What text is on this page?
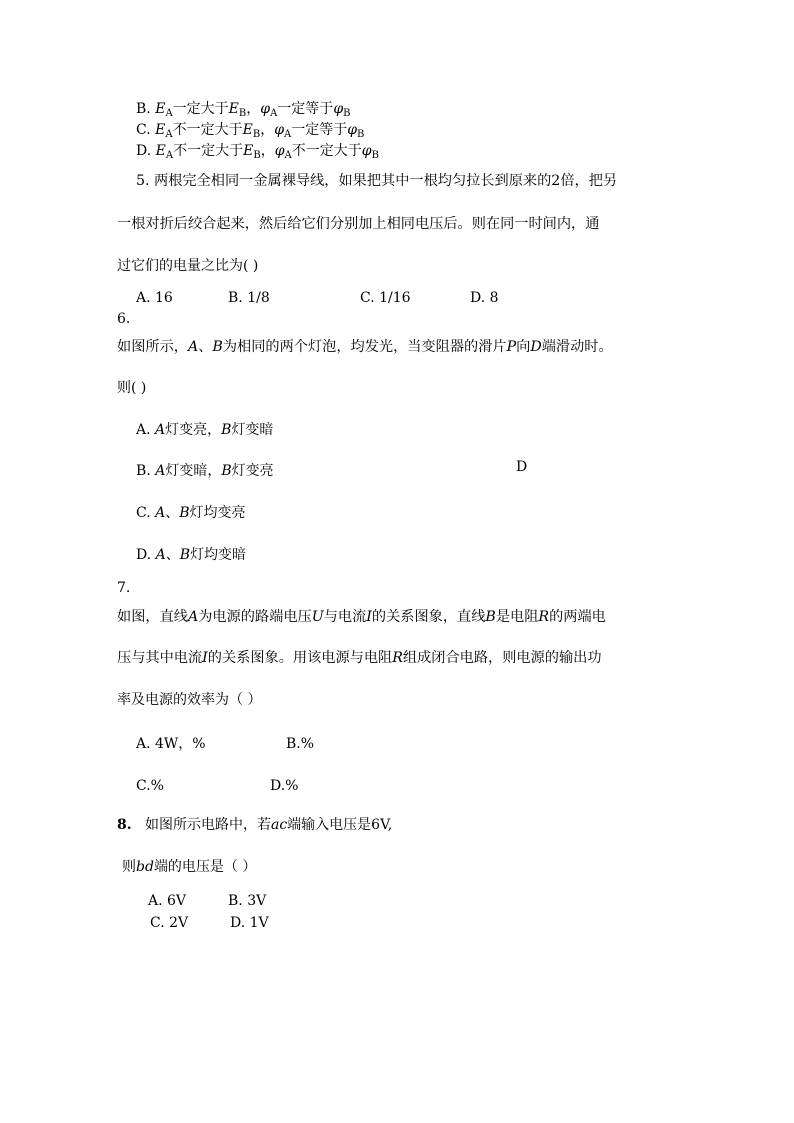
B. $E_A$一定大于$E_B$，$\varphi_A$一定等于$\varphi_B$
C. $E_A$不一定大于$E_B$，$\varphi_A$一定等于$\varphi_B$
D. $E_A$不一定大于$E_B$，$\varphi_A$不一定大于$\varphi_B$
5. 两根完全相同一金属裸导线，如果把其中一根均匀拉长到原来的2倍，把另
一根对折后绞合起来，然后给它们分别加上相同电压后。则在同一时间内，通
过它们的电量之比为( )
A. 16	B. 1/8	C. 1/16	D. 8
6.
如图所示，A、B为相同的两个灯泡，均发光，当变阻器的滑片P向D端滑动时。
则( )
A. A灯变亮，B灯变暗
B. A灯变暗，B灯变亮	D
C. A、B灯均变亮
D. A、B灯均变暗
7.
如图，直线A为电源的路端电压U与电流I的关系图象，直线B是电阻R的两端电
压与其中电流I的关系图象。用该电源与电阻R组成闭合电路，则电源的输出功
率及电源的效率为（ ）
A. 4W，%	B.%
C.%	D.%
8. 如图所示电路中，若ac端输入电压是6V,
则bd端的电压是（ ）
A. 6V	B. 3V
C. 2V	D. 1V
